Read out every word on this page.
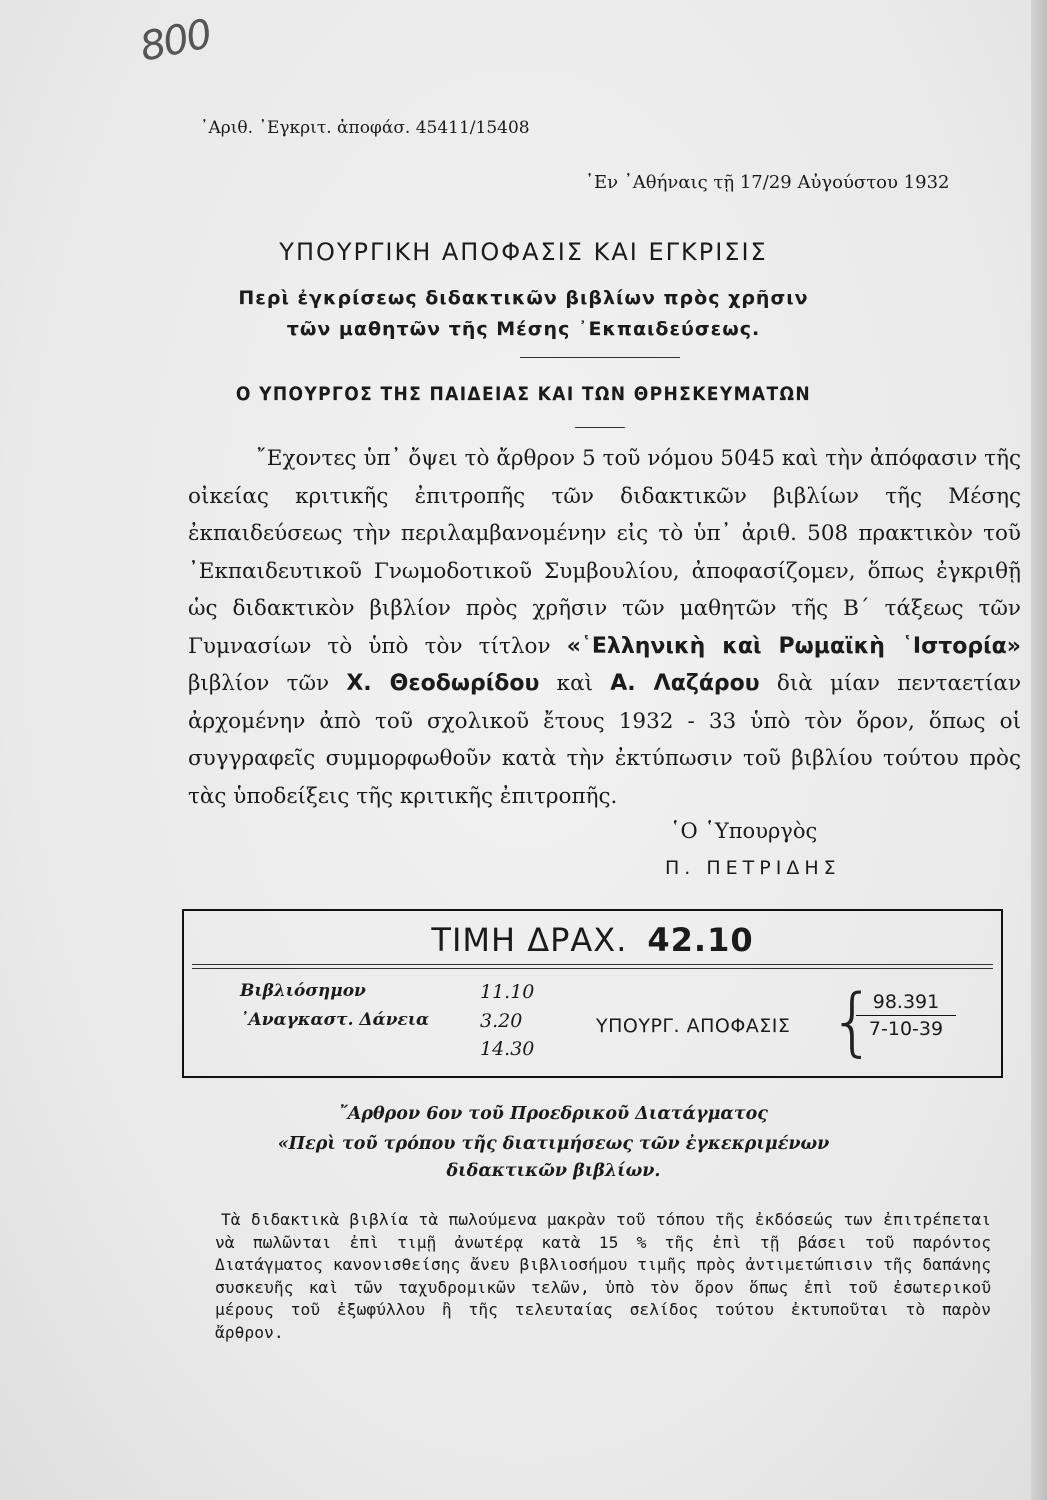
800
᾿Αριθ. ᾿Εγκριτ. ἀποφάσ. 45411/15408
᾿Εν ᾿Αθήναις τῇ 17/29 Αὐγούστου 1932
ΥΠΟΥΡΓΙΚΗ ΑΠΟΦΑΣΙΣ ΚΑΙ ΕΓΚΡΙΣΙΣ
Περὶ ἐγκρίσεως διδακτικῶν βιβλίων πρὸς χρῆσιν
τῶν μαθητῶν τῆς Μέσης ᾿Εκπαιδεύσεως.
Ο ΥΠΟΥΡΓΟΣ ΤΗΣ ΠΑΙΔΕΙΑΣ ΚΑΙ ΤΩΝ ΘΡΗΣΚΕΥΜΑΤΩΝ

῎Εχοντες ὑπ᾿ ὄψει τὸ ἄρθρον 5 τοῦ νόμου 5045 καὶ τὴν ἀπόφασιν τῆς οἰκείας κριτικῆς ἐπιτροπῆς τῶν διδακτικῶν βιβλίων τῆς Μέσης ἐκπαιδεύσεως τὴν περιλαμβανομένην εἰς τὸ ὑπ᾿ ἀριθ. 508 πρακτικὸν τοῦ ᾿Εκπαιδευτικοῦ Γνωμοδοτικοῦ Συμβουλίου, ἀποφασίζομεν, ὅπως ἐγκριθῇ ὡς διδακτικὸν βιβλίον πρὸς χρῆσιν τῶν μαθητῶν τῆς Β´ τάξεως τῶν Γυμνασίων τὸ ὑπὸ τὸν τίτλον «῾Ελληνικὴ καὶ Ρωμαϊκὴ ῾Ιστορία» βιβλίον τῶν Χ. Θεοδωρίδου καὶ Α. Λαζάρου διὰ μίαν πενταετίαν ἀρχομένην ἀπὸ τοῦ σχολικοῦ ἔτους 1932 - 33 ὑπὸ τὸν ὅρον, ὅπως οἱ συγγραφεῖς συμμορφωθοῦν κατὰ τὴν ἐκτύπωσιν τοῦ βιβλίου τούτου πρὸς τὰς ὑποδείξεις τῆς κριτικῆς ἐπιτροπῆς.

῾Ο ῾Υπουργὸς
Π. ΠΕΤΡΙΔΗΣ
ΤΙΜΗ ΔΡΑΧ. 42.10
Βιβλιόσημον	11.10
᾿Αναγκαστ. Δάνεια	3.20
14.30
ΥΠΟΥΡΓ. ΑΠΟΦΑΣΙΣ {
$\frac{98.391}{7-10-39}$
῎Αρθρον 6ον τοῦ Προεδρικοῦ Διατάγματος
«Περὶ τοῦ τρόπου τῆς διατιμήσεως τῶν ἐγκεκριμένων
διδακτικῶν βιβλίων.

Τὰ διδακτικὰ βιβλία τὰ πωλούμενα μακρὰν τοῦ τόπου τῆς ἐκδόσεώς των ἐπιτρέπεται νὰ πωλῶνται ἐπὶ τιμῇ ἀνωτέρᾳ κατὰ 15 % τῆς ἐπὶ τῇ βάσει τοῦ παρόντος Διατάγματος κανονισθείσης ἄνευ βιβλιοσήμου τιμῆς πρὸς ἀντιμετώπισιν τῆς δαπάνης συσκευῆς καὶ τῶν ταχυδρομικῶν τελῶν, ὑπὸ τὸν ὅρον ὅπως ἐπὶ τοῦ ἐσωτερικοῦ μέρους τοῦ ἐξωφύλλου ἢ τῆς τελευταίας σελίδος τούτου ἐκτυποῦται τὸ παρὸν ἄρθρον.
